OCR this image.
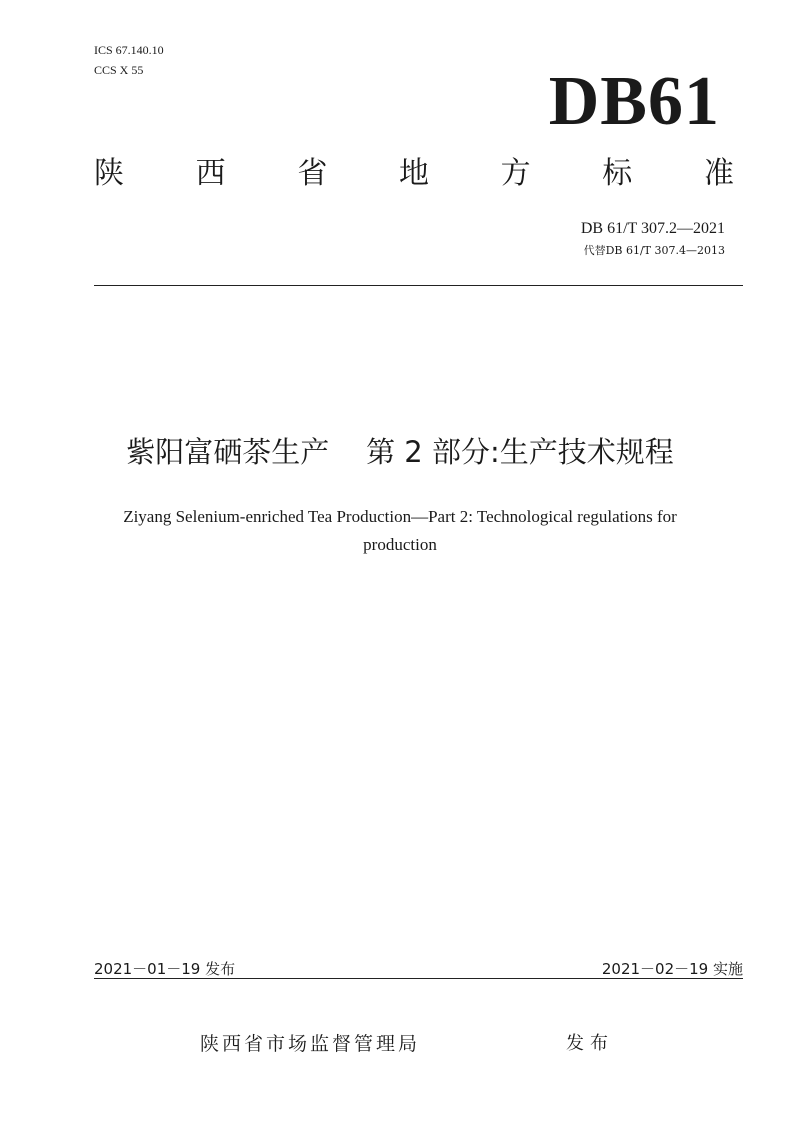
ICS 67.140.10
CCS X 55	DB61
陕 西 省 地 方 标 准
DB 61/T 307.2—2021
代替DB 61/T 307.4—2013
紫阳富硒茶生产    第 2 部分:生产技术规程
Ziyang Selenium-enriched Tea Production—Part 2: Technological regulations for
production
2021－01－19 发布	2021－02－19 实施
陕西省市场监督管理局	发布
